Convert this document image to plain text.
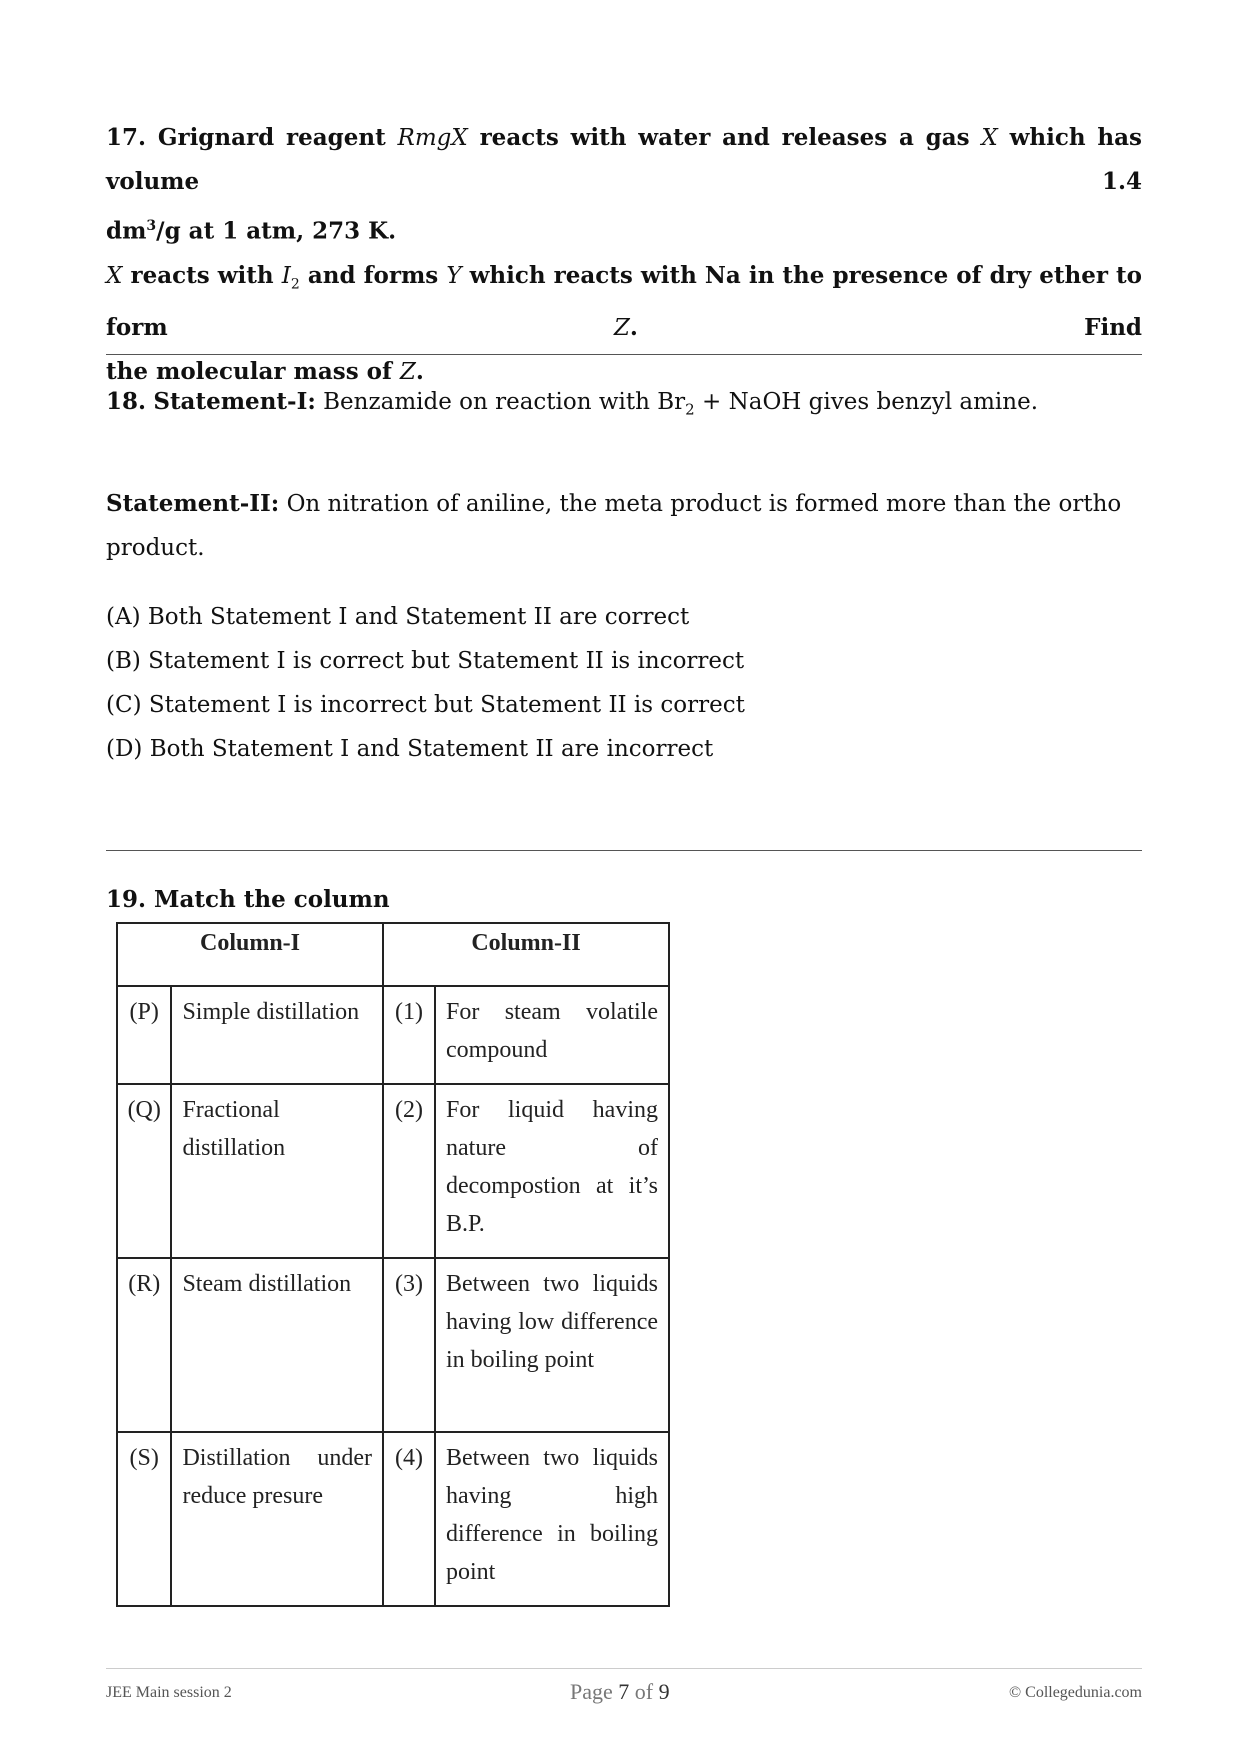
17. Grignard reagent RmgX reacts with water and releases a gas X which has volume 1.4
$dm^3/g$ at 1 atm, 273 K.
X reacts with $I_2$ and forms Y which reacts with Na in the presence of dry ether to form	Z. Find
the molecular mass of Z.
18. Statement-I: Benzamide on reaction with $Br_2$ + NaOH gives benzyl amine.
Statement-II: On nitration of aniline, the meta product is formed more than the ortho product.
(A) Both Statement I and Statement II are correct
(B) Statement I is correct but Statement II is incorrect
(C) Statement I is incorrect but Statement II is correct
(D) Both Statement I and Statement II are incorrect
19. Match the column
Column-I		Column-II	
(P)	Simple distillation	(1)	For steam volatile compound
(Q)	Fractional distillation	(2)	For liquid having nature of decompostion at it’s B.P.
(R)	Steam distillation	(3)	Between two liquids having low difference in boiling point
(S)	Distillation under reduce presure	(4)	Between two liquids having high difference in boiling point
JEE Main session 2	Page 7 of 9	© Collegedunia.com
